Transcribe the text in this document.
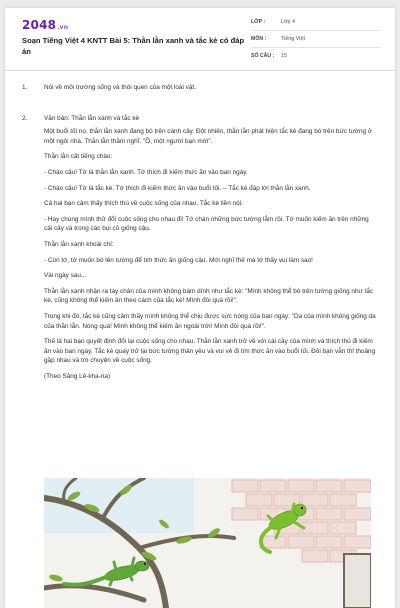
2048.vn
Soạn Tiếng Việt 4 KNTT Bài 5: Thằn lằn xanh và tắc kè có đáp án
LỚP :	Lớp 4
MÔN :	Tiếng Việt
SỐ CÂU :	15
1.	Nói về môi trường sống và thói quen của một loài vật.
2.	Văn bản: Thằn lằn xanh và tắc kè

Một buổi tối nọ, thằn lằn xanh đang bò trên cành cây. Đột nhiên, thằn lằn phát hiện tắc kè đang bò trên bức tường ở một ngôi nhà. Thằn lằn thầm nghĩ: "Ồ, một người bạn mới".

Thằn lằn cất tiếng chào:

- Chào cậu! Tớ là thằn lằn xanh. Tớ thích đi kiếm thức ăn vào ban ngày.

- Chào cậu! Tớ là tắc kè. Tớ thích đi kiếm thức ăn vào buổi tối. – Tắc kè đáp lời thằn lằn xanh.

Cả hai bạn cảm thấy thích thú về cuộc sống của nhau. Tắc kè liền nói:

- Hay chúng mình thử đổi cuộc sống cho nhau đi! Tớ chán những bức tường lắm rồi. Tớ muốn kiếm ăn trên những cái cây và trong các bụi cỏ giống cậu.

Thằn lằn xanh khoái chí:

- Còn tớ, tớ muốn bò lên tường để tìm thức ăn giống cậu. Mới nghĩ thế mà tớ thấy vui làm sao!

Vài ngày sau...

Thằn lằn xanh nhận ra tay chân của mình không bám dính như tắc kè: "Mình không thể bò trên tường giống như tắc kè, cũng không thể kiếm ăn theo cách của tắc kè! Mình đói quá rồi!".

Trong khi đó, tắc kè cũng cảm thấy mình không thể chịu được sức nóng của ban ngày: "Da của mình không giống da của thằn lằn. Nóng quá! Mình không thể kiếm ăn ngoài trời! Mình đói quá rồi!".

Thế là hai bạn quyết định đổi lại cuộc sống cho nhau. Thằn lằn xanh trở về với cái cây của mình và thích thú đi kiếm ăn vào ban ngày. Tắc kè quay trở lại bức tường thân yêu và vui vẻ đi tìm thức ăn vào buổi tối. Đôi bạn vẫn thỉ thoảng gặp nhau và trò chuyện về cuộc sống.

(Theo Sâng Lê-kha-na)
